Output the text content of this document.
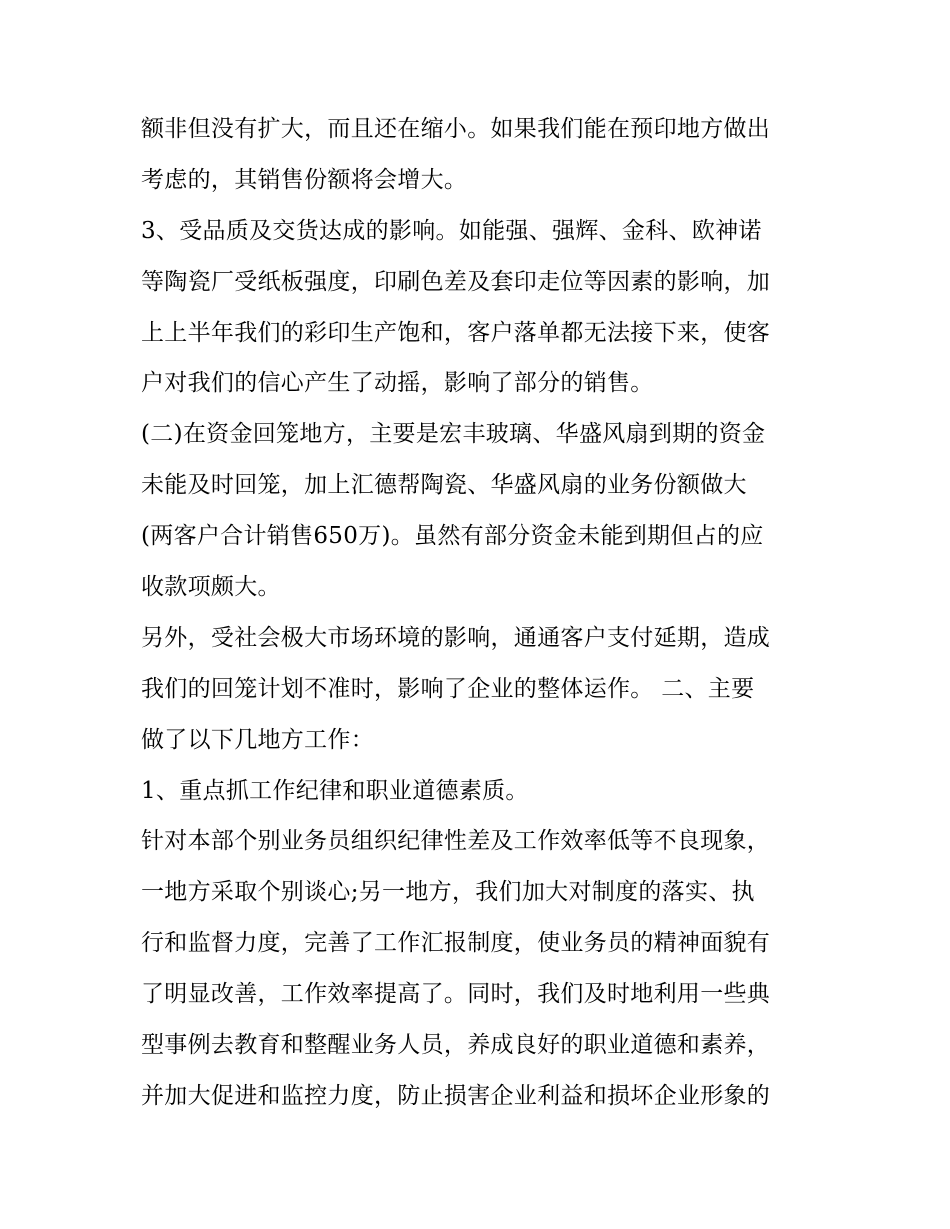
额非但没有扩大，而且还在缩小。如果我们能在预印地方做出
考虑的，其销售份额将会增大。
3、受品质及交货达成的影响。如能强、强辉、金科、欧神诺
等陶瓷厂受纸板强度，印刷色差及套印走位等因素的影响，加
上上半年我们的彩印生产饱和，客户落单都无法接下来，使客
户对我们的信心产生了动摇，影响了部分的销售。
(二)在资金回笼地方，主要是宏丰玻璃、华盛风扇到期的资金
未能及时回笼，加上汇德帮陶瓷、华盛风扇的业务份额做大
(两客户合计销售650万)。虽然有部分资金未能到期但占的应
收款项颇大。
另外，受社会极大市场环境的影响，通通客户支付延期，造成
我们的回笼计划不准时，影响了企业的整体运作。 二、主要
做了以下几地方工作：
1、重点抓工作纪律和职业道德素质。
针对本部个别业务员组织纪律性差及工作效率低等不良现象，
一地方采取个别谈心;另一地方，我们加大对制度的落实、执
行和监督力度，完善了工作汇报制度，使业务员的精神面貌有
了明显改善，工作效率提高了。同时，我们及时地利用一些典
型事例去教育和整醒业务人员，养成良好的职业道德和素养，
并加大促进和监控力度，防止损害企业利益和损坏企业形象的
